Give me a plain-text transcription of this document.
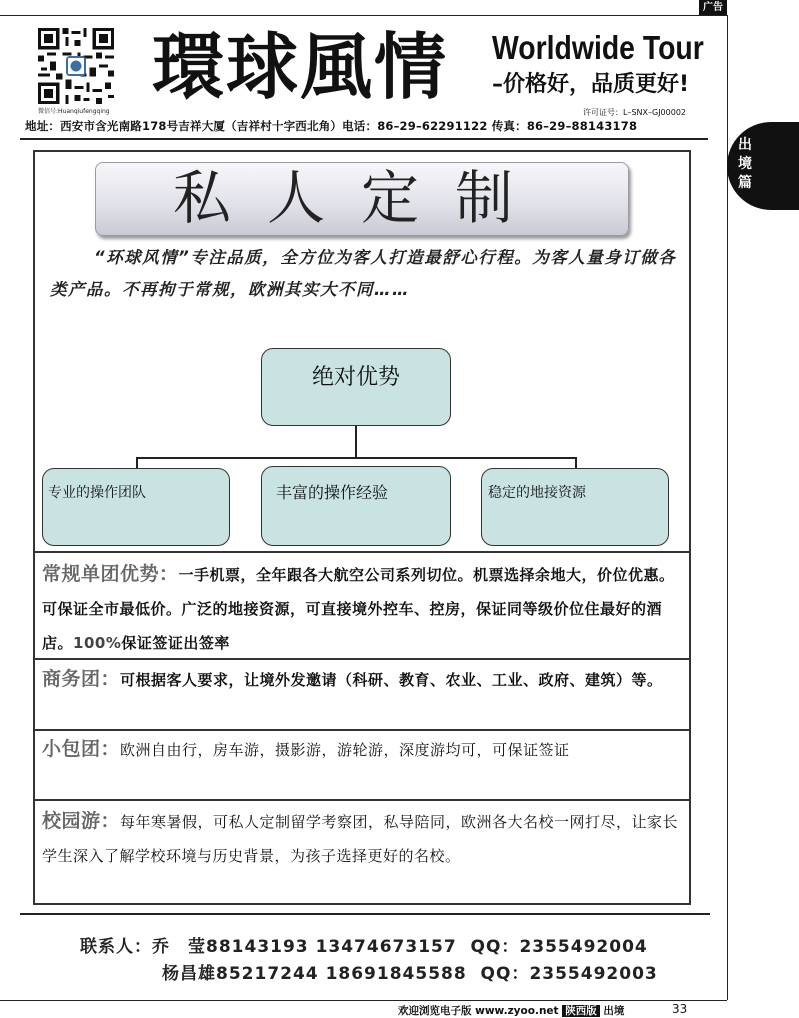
广告
出境篇
微信号:Huanqiufengqing
環球風情	Worldwide Tour
–价格好，品质更好!
许可证号：L–SNX–GJ00002
地址：西安市含光南路178号吉祥大厦（吉祥村十字西北角）电话：86–29–62291122 传真：86–29–88143178
私人定制
“环球风情”专注品质，全方位为客人打造最舒心行程。为客人量身订做各类产品。不再拘于常规，欧洲其实大不同……
绝对优势
专业的操作团队	丰富的操作经验	稳定的地接资源
常规单团优势：一手机票，全年跟各大航空公司系列切位。机票选择余地大，价位优惠。可保证全市最低价。广泛的地接资源，可直接境外控车、控房，保证同等级价位住最好的酒店。100%保证签证出签率
商务团：可根据客人要求，让境外发邀请（科研、教育、农业、工业、政府、建筑）等。
小包团：欧洲自由行，房车游，摄影游，游轮游，深度游均可，可保证签证
校园游：每年寒暑假，可私人定制留学考察团，私导陪同，欧洲各大名校一网打尽，让家长学生深入了解学校环境与历史背景，为孩子选择更好的名校。
联系人：乔　莹88143193 13474673157 QQ：2355492004
杨昌雄85217244 18691845588 QQ：2355492003
欢迎浏览电子版 www.zyoo.net 陕西版 出境	33
